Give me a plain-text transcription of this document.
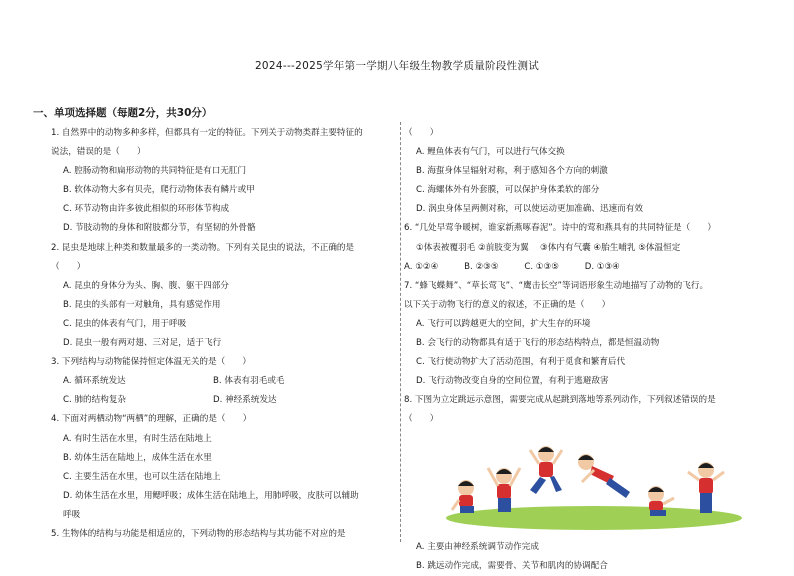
2024---2025学年第一学期八年级生物教学质量阶段性测试
一、单项选择题（每题2分，共30分）
1. 自然界中的动物多种多样，但都具有一定的特征。下列关于动物类群主要特征的
说法，错误的是（　　）
A. 腔肠动物和扁形动物的共同特征是有口无肛门
B. 软体动物大多有贝壳，爬行动物体表有鳞片或甲
C. 环节动物由许多彼此相似的环形体节构成
D. 节肢动物的身体和附肢都分节，有坚韧的外骨骼
2. 昆虫是地球上种类和数量最多的一类动物。下列有关昆虫的说法，不正确的是
（　　）
A. 昆虫的身体分为头、胸、腹、躯干四部分
B. 昆虫的头部有一对触角，具有感觉作用
C. 昆虫的体表有气门，用于呼吸
D. 昆虫一般有两对翅、三对足，适于飞行
3. 下列结构与动物能保持恒定体温无关的是（　　）
A. 循环系统发达	B. 体表有羽毛或毛
C. 肺的结构复杂	D. 神经系统发达
4. 下面对两栖动物“两栖”的理解，正确的是（　　）
A. 有时生活在水里，有时生活在陆地上
B. 幼体生活在陆地上，成体生活在水里
C. 主要生活在水里，也可以生活在陆地上
D. 幼体生活在水里，用鳃呼吸；成体生活在陆地上，用肺呼吸，皮肤可以辅助
呼吸
5. 生物体的结构与功能是相适应的，下列动物的形态结构与其功能不对应的是
（　　）
A. 鲤鱼体表有气门，可以进行气体交换
B. 海蜇身体呈辐射对称，利于感知各个方向的刺激
C. 海螺体外有外套膜，可以保护身体柔软的部分
D. 涡虫身体呈两侧对称，可以使运动更加准确、迅速而有效
6. “几处早莺争暖树，谁家新燕啄春泥”。诗中的莺和燕具有的共同特征是（　　）
①体表被覆羽毛 ②前肢变为翼　 ③体内有气囊 ④胎生哺乳 ⑤体温恒定
A. ①②④　　　B. ②③⑤　　　C. ①③⑤　　　D. ①③④
7. “蜂飞蝶舞”、“草长莺飞”、“鹰击长空”等词语形象生动地描写了动物的飞行。
以下关于动物飞行的意义的叙述，不正确的是（　　）
A. 飞行可以跨越更大的空间，扩大生存的环境
B. 会飞行的动物都具有适于飞行的形态结构特点，都是恒温动物
C. 飞行使动物扩大了活动范围，有利于觅食和繁育后代
D. 飞行动物改变自身的空间位置，有利于逃避敌害
8. 下图为立定跳远示意图，需要完成从起跳到落地等系列动作，下列叙述错误的是
（　　）
A. 主要由神经系统调节动作完成
B. 跳远动作完成，需要骨、关节和肌肉的协调配合
